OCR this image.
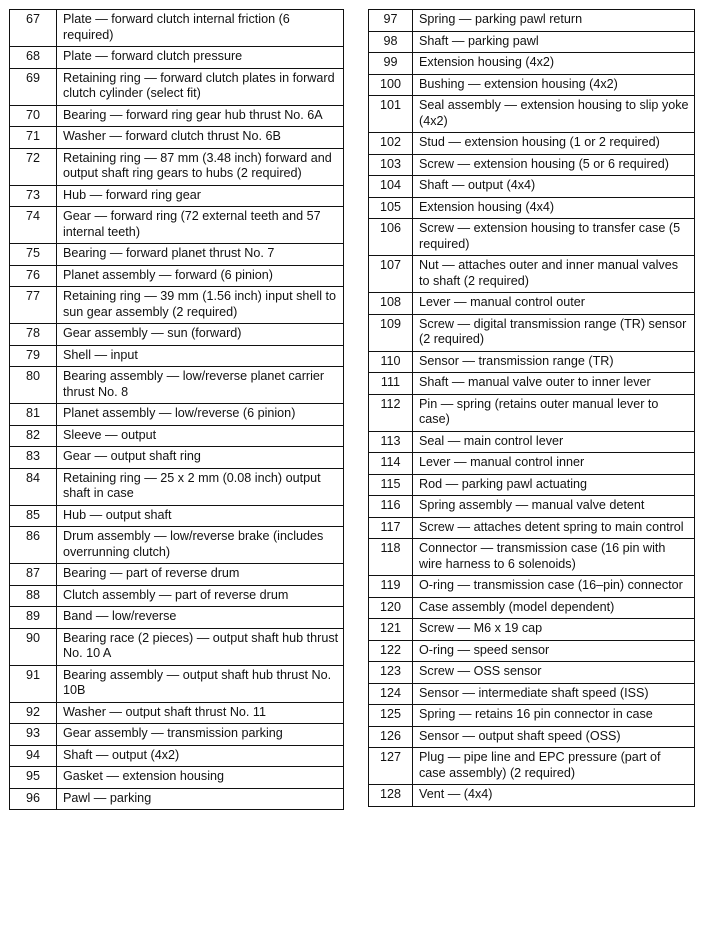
67	Plate — forward clutch internal friction (6 required)
68	Plate — forward clutch pressure
69	Retaining ring — forward clutch plates in forward clutch cylinder (select fit)
70	Bearing — forward ring gear hub thrust No. 6A
71	Washer — forward clutch thrust No. 6B
72	Retaining ring — 87 mm (3.48 inch) forward and output shaft ring gears to hubs (2 required)
73	Hub — forward ring gear
74	Gear — forward ring (72 external teeth and 57 internal teeth)
75	Bearing — forward planet thrust No. 7
76	Planet assembly — forward (6 pinion)
77	Retaining ring — 39 mm (1.56 inch) input shell to sun gear assembly (2 required)
78	Gear assembly — sun (forward)
79	Shell — input
80	Bearing assembly — low/reverse planet carrier thrust No. 8
81	Planet assembly — low/reverse (6 pinion)
82	Sleeve — output
83	Gear — output shaft ring
84	Retaining ring — 25 x 2 mm (0.08 inch) output shaft in case
85	Hub — output shaft
86	Drum assembly — low/reverse brake (includes overrunning clutch)
87	Bearing — part of reverse drum
88	Clutch assembly — part of reverse drum
89	Band — low/reverse
90	Bearing race (2 pieces) — output shaft hub thrust No. 10 A
91	Bearing assembly — output shaft hub thrust No. 10B
92	Washer — output shaft thrust No. 11
93	Gear assembly — transmission parking
94	Shaft — output (4x2)
95	Gasket — extension housing
96	Pawl — parking
97	Spring — parking pawl return
98	Shaft — parking pawl
99	Extension housing (4x2)
100	Bushing — extension housing (4x2)
101	Seal assembly — extension housing to slip yoke (4x2)
102	Stud — extension housing (1 or 2 required)
103	Screw — extension housing (5 or 6 required)
104	Shaft — output (4x4)
105	Extension housing (4x4)
106	Screw — extension housing to transfer case (5 required)
107	Nut — attaches outer and inner manual valves to shaft (2 required)
108	Lever — manual control outer
109	Screw — digital transmission range (TR) sensor (2 required)
110	Sensor — transmission range (TR)
111	Shaft — manual valve outer to inner lever
112	Pin — spring (retains outer manual lever to case)
113	Seal — main control lever
114	Lever — manual control inner
115	Rod — parking pawl actuating
116	Spring assembly — manual valve detent
117	Screw — attaches detent spring to main control
118	Connector — transmission case (16 pin with wire harness to 6 solenoids)
119	O-ring — transmission case (16–pin) connector
120	Case assembly (model dependent)
121	Screw — M6 x 19 cap
122	O-ring — speed sensor
123	Screw — OSS sensor
124	Sensor — intermediate shaft speed (ISS)
125	Spring — retains 16 pin connector in case
126	Sensor — output shaft speed (OSS)
127	Plug — pipe line and EPC pressure (part of case assembly) (2 required)
128	Vent — (4x4)
